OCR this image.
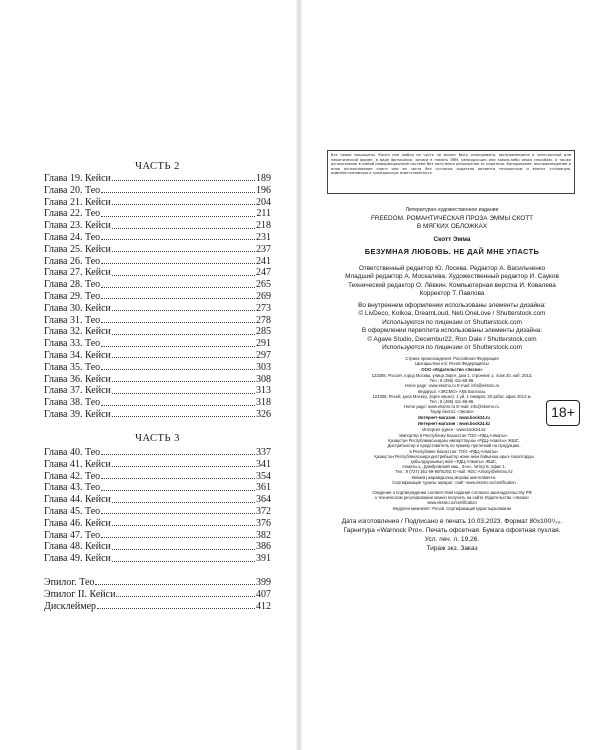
ЧАСТЬ 2
Глава 19. Кейси	189
Глава 20. Тео	196
Глава 21. Кейси	204
Глава 22. Тео	211
Глава 23. Кейси	218
Глава 24. Тео	231
Глава 25. Кейси	237
Глава 26. Тео	241
Глава 27. Кейси	247
Глава 28. Тео	265
Глава 29. Тео	269
Глава 30. Кейси	273
Глава 31. Тео	278
Глава 32. Кейси	285
Глава 33. Тео	291
Глава 34. Кейси	297
Глава 35. Тео	303
Глава 36. Кейси	308
Глава 37. Кейси	313
Глава 38. Тео	318
Глава 39. Кейси	326
ЧАСТЬ 3
Глава 40. Тео	337
Глава 41. Кейси	341
Глава 42. Тео	354
Глава 43. Тео	361
Глава 44. Кейси	364
Глава 45. Тео	372
Глава 46. Кейси	376
Глава 47. Тео	382
Глава 48. Кейси	386
Глава 49. Кейси	391
Эпилог. Тео	399
Эпилог II. Кейси	407
Дисклеймер	412
Все права защищены. Книга или любая ее часть не может быть скопирована, воспроизведена в электронной или механической форме, в виде фотокопии, записи в память ЭВМ, репродукции или каким-либо иным способом, а также использована в любой информационной системе без получения разрешения от издателя. Копирование, воспроизведение и иное использование книги или ее части без согласия издателя является незаконным и влечет уголовную, административную и гражданскую ответственность.
Литературно-художественное издание
FREEDOM. РОМАНТИЧЕСКАЯ ПРОЗА ЭММЫ СКОТТ
В МЯГКИХ ОБЛОЖКАХ
Скотт Эмма
БЕЗУМНАЯ ЛЮБОВЬ. НЕ ДАЙ МНЕ УПАСТЬ
Ответственный редактор Ю. Лосева. Редактор А. Васильченко
Младший редактор А. Москалева. Художественный редактор И. Сауков
Технический редактор О. Лёвкин. Компьютерная верстка И. Ковалева
Корректор Т. Павлова
Во внутреннем оформлении использованы элементы дизайна:
© LivDeco, Kolkoa, DreamLoud, Neti.OneLove / Shutterstock.com
Используются по лицензии от Shutterstock.com
В оформлении переплета использованы элементы дизайна:
© Agave Studio, Decembur22, Ron Dale / Shutterstock.com
Используются по лицензии от Shutterstock.com
Страна происхождения: Российская Федерация
Шығарылған елі: Ресей Федерациясы
ООО «Издательство «Эксмо»
123308, Россия, город Москва, улица Зорге, дом 1, строение 1, этаж 20, каб. 2013.
Тел.: 8 (495) 411-68-86.
Home page: www.eksmo.ru E-mail: info@eksmo.ru
Өндіруші: «ЭКСМО» АҚБ Баспасы,
123308, Ресей, қала Мәскеу, Зорге көшесі, 1 үй, 1 ғимарат, 20 қабат, офис 2013 ж.
Тел.: 8 (495) 411-68-86.
Home page: www.eksmo.ru E-mail: info@eksmo.ru.
Тауар белгісі: «Эксмо»
Интернет-магазин : www.book24.ru
Интернет-магазин : www.book24.kz
Интернет-дүкен : www.book24.kz
18+
Импортёр в Республику Казахстан ТОО «РДЦ-Алматы».
Қазақстан Республикасындағы импорттаушы «РДЦ-Алматы» ЖШС.
Дистрибьютор и представитель по приему претензий на продукцию,
в Республике Казахстан: ТОО «РДЦ-Алматы»
Қазақстан Республикасында дистрибьютор және өнім бойынша арыз-талаптарды
қабылдаушының өкілі «РДЦ-Алматы» ЖШС,
Алматы қ., Домбровский көш., 3«а», литер Б, офис 1.
Тел.: 8 (727) 251-59-90/91/92; E-mail: RDC-Almaty@eksmo.kz
Өнімнің жарамдылық мерзімі шектелмеген.
Сертификация туралы ақпарат: сайт: www.eksmo.ru/certification
Сведения о подтверждении соответствия издания согласно законодательству РФ
о техническом регулировании можно получить на сайте Издательства «Эксмо»
www.eksmo.ru/certification
Өндірген мемлекет: Ресей. Сертификация қарастырылмаған
Дата изготовления / Подписано в печать 10.03.2023. Формат 80x100¹/₃₂.
Гарнитура «Warnock Pro». Печать офсетная. Бумага офсетная пухлая.
Усл. печ. л. 19,26.
Тираж экз. Заказ
